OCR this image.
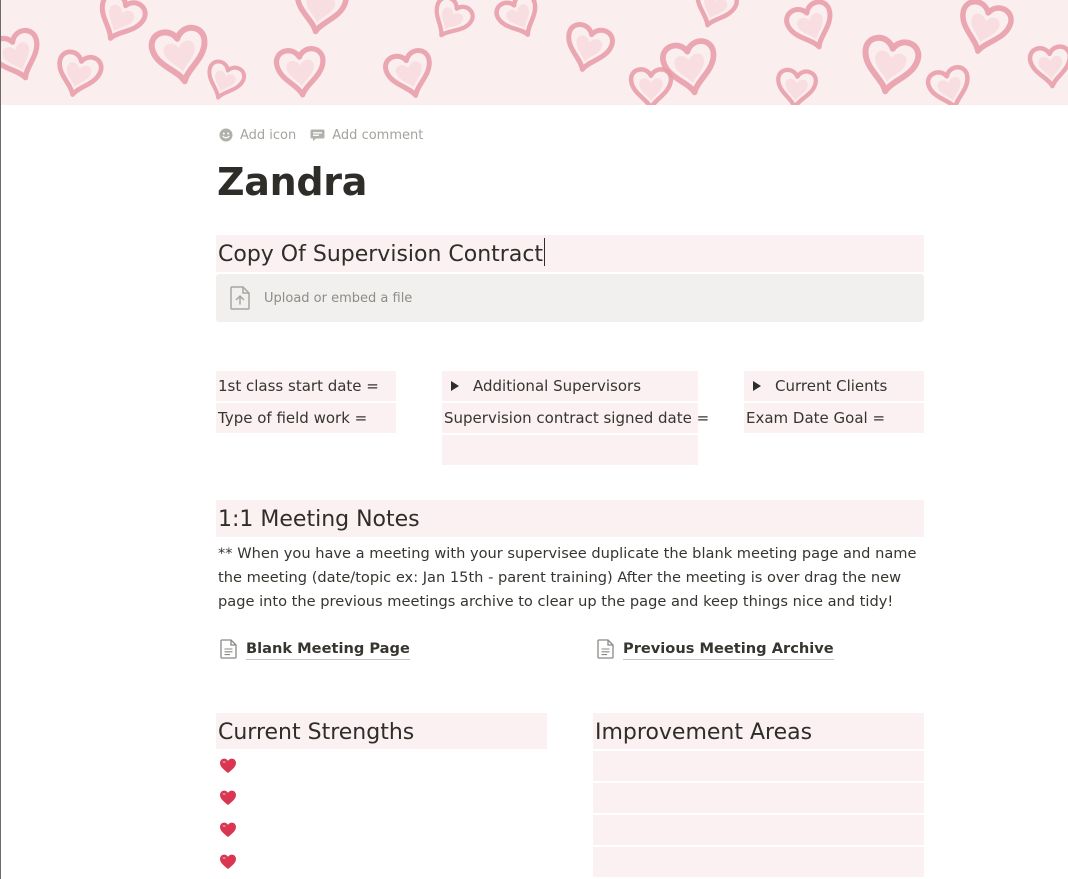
Add icon	Add comment
Zandra
Copy Of Supervision Contract
Upload or embed a file
1st class start date =
Type of field work =
Additional Supervisors
Supervision contract signed date =
Current Clients
Exam Date Goal =
1:1 Meeting Notes

** When you have a meeting with your supervisee duplicate the blank meeting page and name the meeting (date/topic ex: Jan 15th - parent training) After the meeting is over drag the new page into the previous meetings archive to clear up the page and keep things nice and tidy!

Blank Meeting Page	Previous Meeting Archive
Current Strengths	Improvement Areas
